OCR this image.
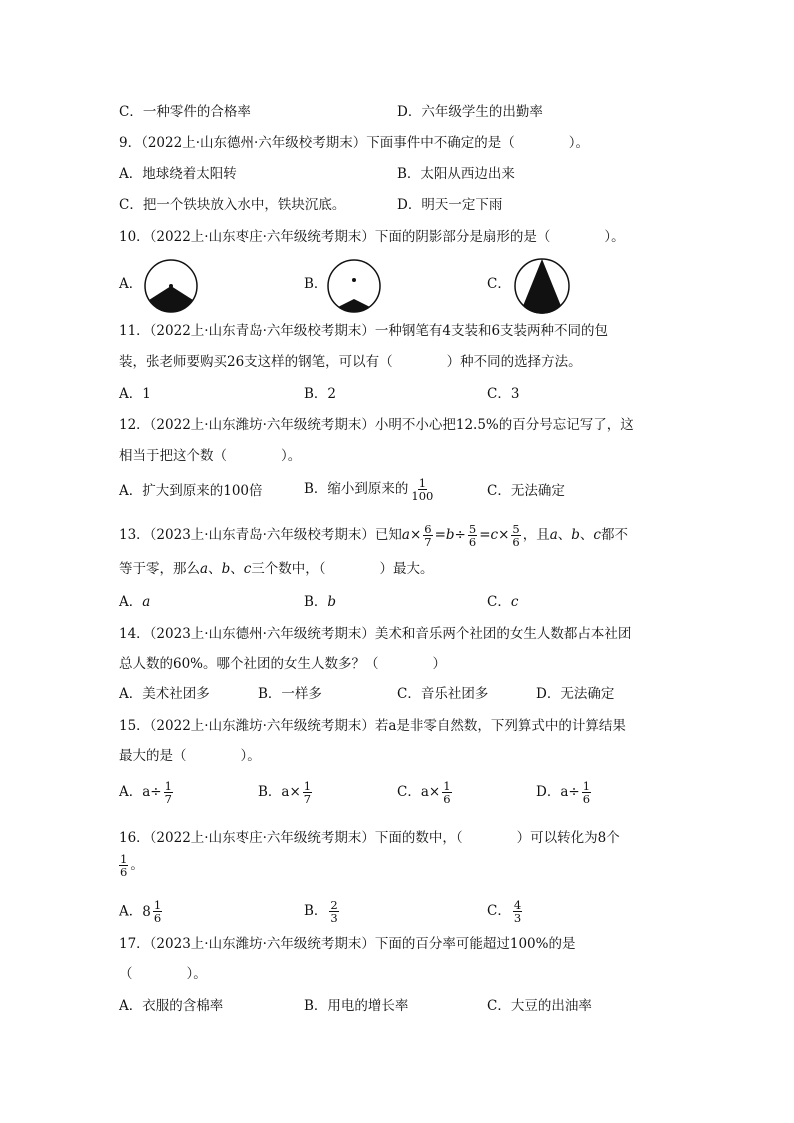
C．一种零件的合格率	D．六年级学生的出勤率
9．（2022上·山东德州·六年级校考期末）下面事件中不确定的是（　　　　）。
A．地球绕着太阳转	B．太阳从西边出来
C．把一个铁块放入水中，铁块沉底。	D．明天一定下雨
10．（2022上·山东枣庄·六年级统考期末）下面的阴影部分是扇形的是（　　　　）。
A．	B．	C．
11．（2022上·山东青岛·六年级校考期末）一种钢笔有4支装和6支装两种不同的包
装，张老师要购买26支这样的钢笔，可以有（　　　　）种不同的选择方法。
A．1	B．2	C．3
12．（2022上·山东潍坊·六年级统考期末）小明不小心把12.5%的百分号忘记写了，这
相当于把这个数（　　　　）。
A．扩大到原来的100倍	B．缩小到原来的 $\frac{1}{100}$	C．无法确定
13．（2023上·山东青岛·六年级校考期末）已知$a\times \frac{6}{7} =b\div \frac{5}{6} =c\times \frac{5}{6}$ ，且a、b、c都不
等于零，那么a、b、c三个数中，（　　　　）最大。
A．a	B．b	C．c
14．（2023上·山东德州·六年级统考期末）美术和音乐两个社团的女生人数都占本社团
总人数的60%。哪个社团的女生人数多？（　　　　）
A．美术社团多	B．一样多	C．音乐社团多	D．无法确定
15．（2022上·山东潍坊·六年级统考期末）若a是非零自然数，下列算式中的计算结果
最大的是（　　　　）。
A．$a\div \frac{1}{7}$	B．$a\times \frac{1}{7}$	C．$a\times \frac{1}{6}$	D．$a\div \frac{1}{6}$
16．（2022上·山东枣庄·六年级统考期末）下面的数中，（　　　　）可以转化为8个
$\frac{1}{6}$ 。
A． $8 \frac{1}{6}$	B． $\frac{2}{3}$	C． $\frac{4}{3}$
17．（2023上·山东潍坊·六年级统考期末）下面的百分率可能超过100%的是
（　　　　）。
A．衣服的含棉率	B．用电的增长率	C．大豆的出油率
